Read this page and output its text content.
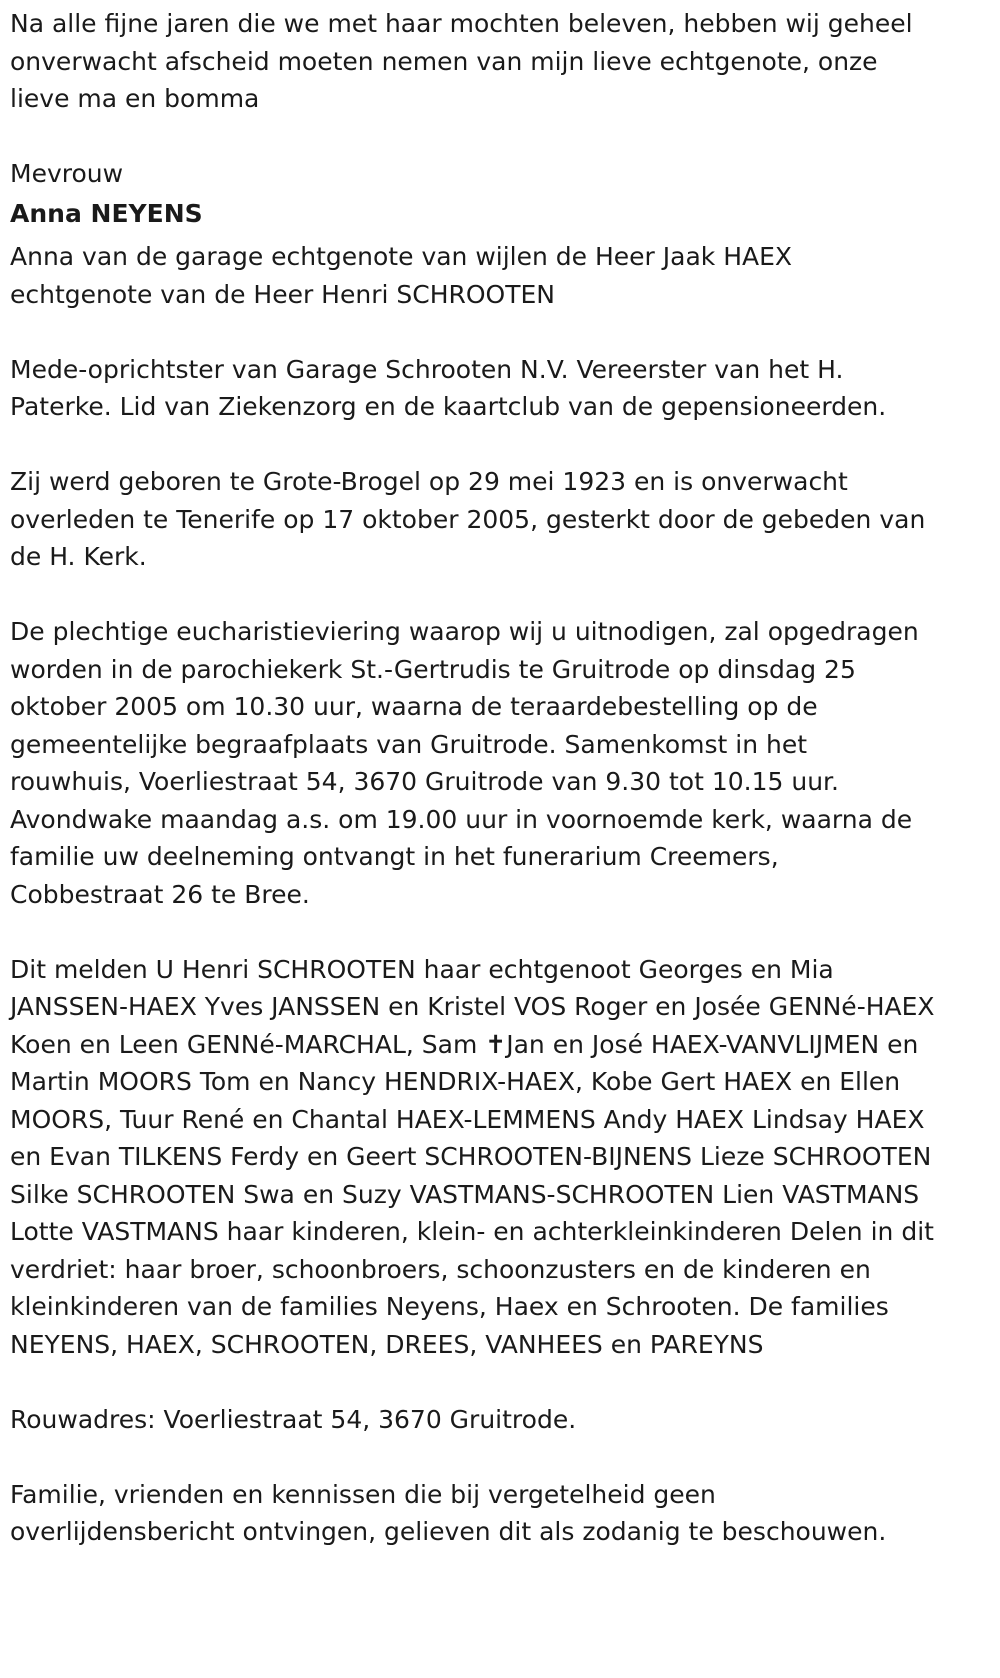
Na alle fijne jaren die we met haar mochten beleven, hebben wij geheel
onverwacht afscheid moeten nemen van mijn lieve echtgenote, onze
lieve ma en bomma
Mevrouw
Anna NEYENS
Anna van de garage echtgenote van wijlen de Heer Jaak HAEX
echtgenote van de Heer Henri SCHROOTEN
Mede-oprichtster van Garage Schrooten N.V. Vereerster van het H.
Paterke. Lid van Ziekenzorg en de kaartclub van de gepensioneerden.
Zij werd geboren te Grote-Brogel op 29 mei 1923 en is onverwacht
overleden te Tenerife op 17 oktober 2005, gesterkt door de gebeden van
de H. Kerk.
De plechtige eucharistieviering waarop wij u uitnodigen, zal opgedragen
worden in de parochiekerk St.-Gertrudis te Gruitrode op dinsdag 25
oktober 2005 om 10.30 uur, waarna de teraardebestelling op de
gemeentelijke begraafplaats van Gruitrode. Samenkomst in het
rouwhuis, Voerliestraat 54, 3670 Gruitrode van 9.30 tot 10.15 uur.
Avondwake maandag a.s. om 19.00 uur in voornoemde kerk, waarna de
familie uw deelneming ontvangt in het funerarium Creemers,
Cobbestraat 26 te Bree.
Dit melden U Henri SCHROOTEN haar echtgenoot Georges en Mia
JANSSEN-HAEX Yves JANSSEN en Kristel VOS Roger en Josée GENNé-HAEX
Koen en Leen GENNé-MARCHAL, Sam ✝Jan en José HAEX-VANVLIJMEN en
Martin MOORS Tom en Nancy HENDRIX-HAEX, Kobe Gert HAEX en Ellen
MOORS, Tuur René en Chantal HAEX-LEMMENS Andy HAEX Lindsay HAEX
en Evan TILKENS Ferdy en Geert SCHROOTEN-BIJNENS Lieze SCHROOTEN
Silke SCHROOTEN Swa en Suzy VASTMANS-SCHROOTEN Lien VASTMANS
Lotte VASTMANS haar kinderen, klein- en achterkleinkinderen Delen in dit
verdriet: haar broer, schoonbroers, schoonzusters en de kinderen en
kleinkinderen van de families Neyens, Haex en Schrooten. De families
NEYENS, HAEX, SCHROOTEN, DREES, VANHEES en PAREYNS
Rouwadres: Voerliestraat 54, 3670 Gruitrode.
Familie, vrienden en kennissen die bij vergetelheid geen
overlijdensbericht ontvingen, gelieven dit als zodanig te beschouwen.
